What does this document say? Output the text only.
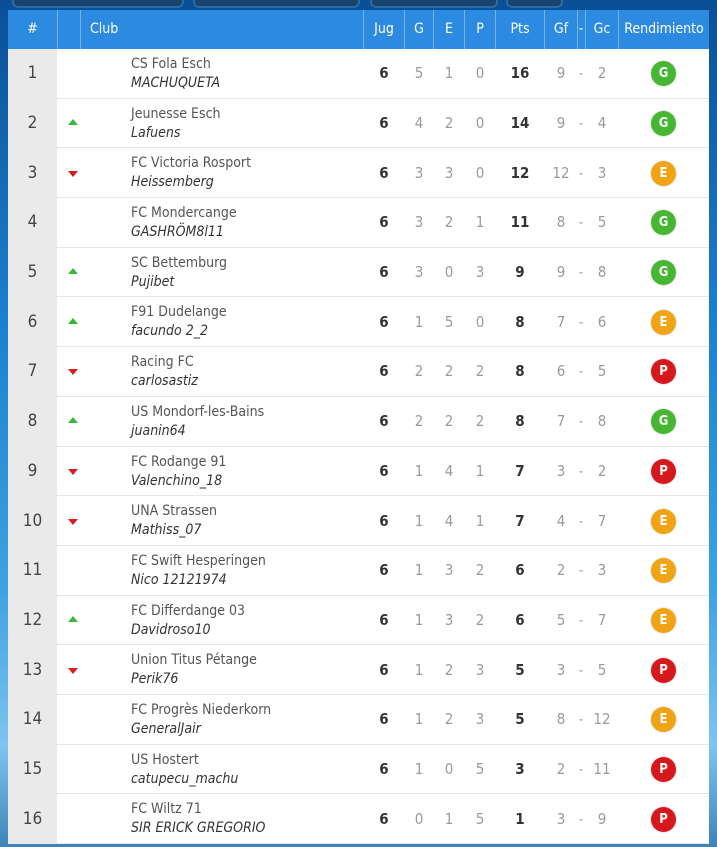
#	Club	Jug	G	E	P	Pts	Gf - Gc Rendimiento
1	CS Fola Esch
MACHUQUETA
6	5	1	0	16	9 - 2	G
2	Jeunesse Esch
Lafuens
6	4	2	0	14	9 - 4	G
3	FC Victoria Rosport
Heissemberg
6	3	3	0	12	12 - 3	E
4	FC Mondercange
GASHRÖM8l11
6	3	2	1	11	8 - 5	G
5	SC Bettemburg
Pujibet
6	3	0	3	9	9 - 8	G
6	F91 Dudelange
facundo 2_2
6	1	5	0	8	7 - 6	E
7	Racing FC
carlosastiz
6	2	2	2	8	6 - 5	P
8	US Mondorf-les-Bains
juanin64
6	2	2	2	8	7 - 8	G
9	FC Rodange 91
Valenchino_18
6	1	4	1	7	3 - 2	P
10	UNA Strassen
Mathiss_07
6	1	4	1	7	4 - 7	E
11	FC Swift Hesperingen
Nico 12121974
6	1	3	2	6	2 - 3	E
12	FC Differdange 03
Davidroso10
6	1	3	2	6	5 - 7	E
13	Union Titus Pétange
Perik76
6	1	2	3	5	3 - 5	P
14	FC Progrès Niederkorn
GeneralJair
6	1	2	3	5	8 - 12	E
15	US Hostert
catupecu_machu
6	1	0	5	3	2 - 11	P
16	FC Wiltz 71
SIR ERICK GREGORIO
6	0	1	5	1	3 - 9	P
